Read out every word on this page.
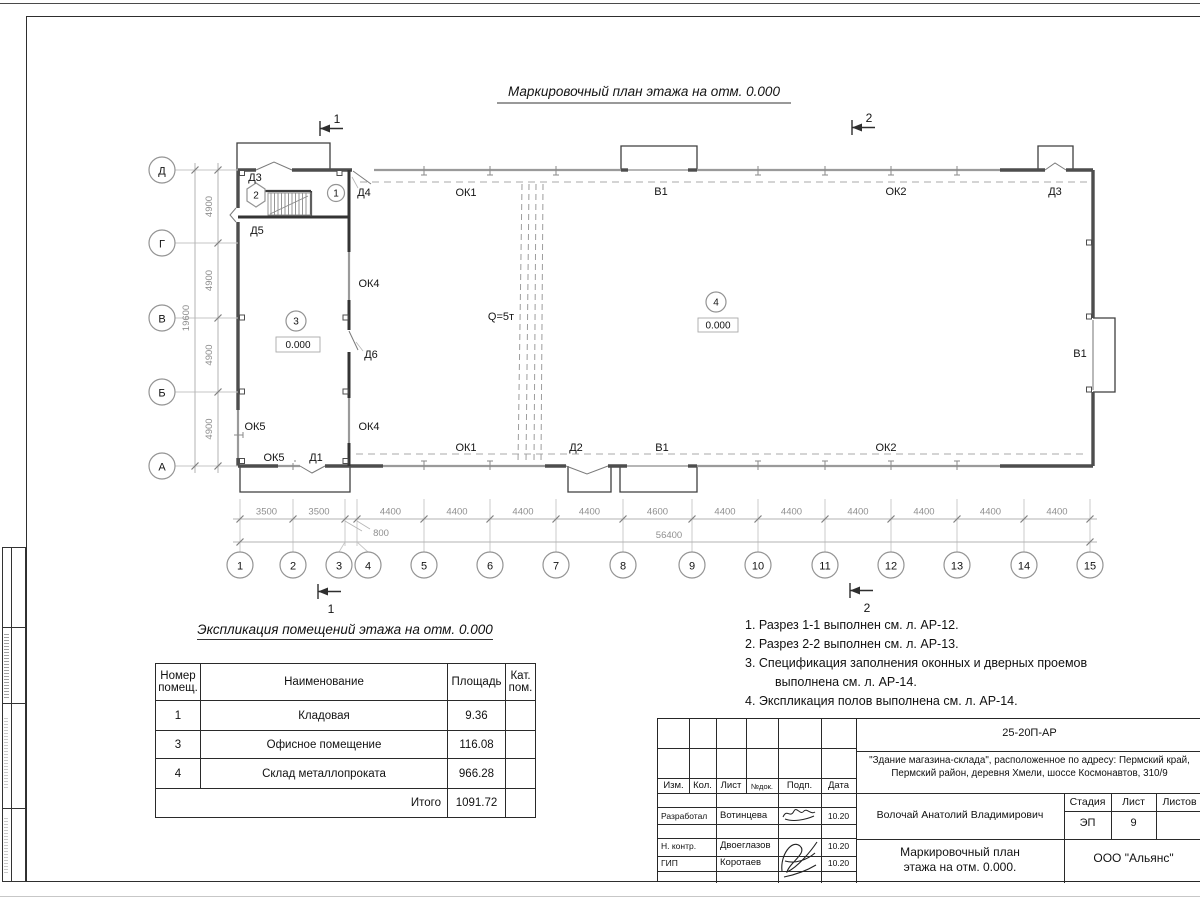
Маркировочный план этажа на отм. 0.000
1
1
2
2
1
2
3
0.000
4
0.000
Д3
Д4
Д5
ОК1	В1	ОК2	Д3
ОК4
Д6
ОК4
ОК5
В1
Q=5т
ОК5 Д1
ОК1	Д2	В1	ОК2
3500	3500	4400	4400	4400	4400	4600	4400	4400	4400	4400	4400	4400
800	56400
1	2	3 4	5	6	7	8	9	10	11	12	13	14	15
4900
4900
4900
4900
19600
Д
Г
В
Б
А
Экспликация помещений этажа на отм. 0.000
Номер помещ.	Наименование	Площадь	Кат. пом.
1	Кладовая	9.36	
3	Офисное помещение	116.08	
4	Склад металлопроката	966.28	
Итого		1091.72	
1. Разрез 1-1 выполнен см. л. АР-12.
2. Разрез 2-2 выполнен см. л. АР-13.
3. Спецификация заполнения оконных и дверных проемов выполнена см. л. АР-14.
4. Экспликация полов выполнена см. л. АР-14.
Изм. Кол. Лист	№док.	Подп.	Дата
Разработал Вотинцева	10.20
Н. контр.	Двоеглазов	10.20
ГИП	Коротаев	10.20
25-20П-АР
"Здание магазина-склада", расположенное по адресу: Пермский край,
Пермский район, деревня Хмели, шоссе Космонавтов, 310/9
Волочай Анатолий Владимирович
Стадия	Лист	Листов
ЭП	9
Маркировочный план
этажа на отм. 0.000.
ООО "Альянс"
